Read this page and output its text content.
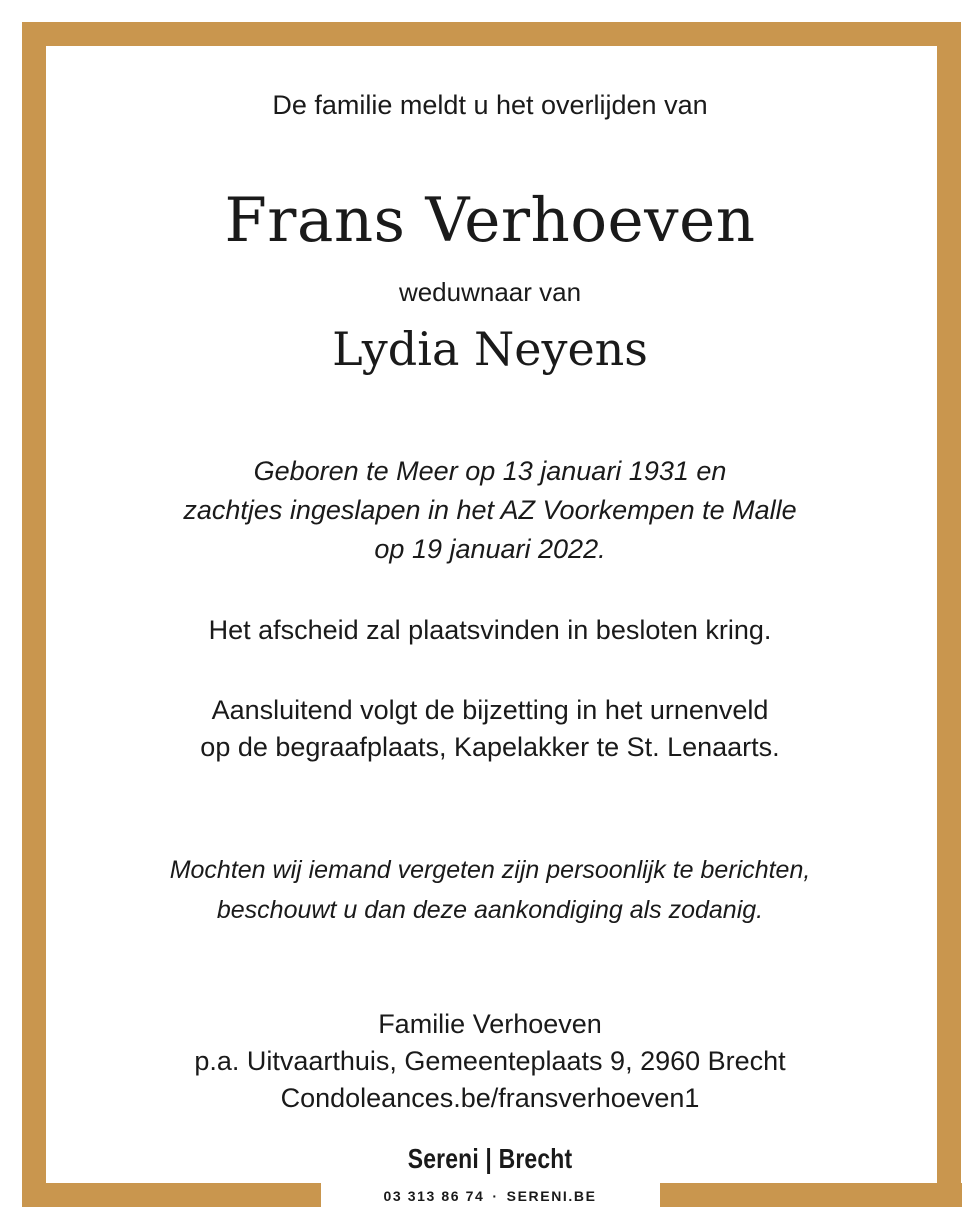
De familie meldt u het overlijden van
Frans Verhoeven
weduwnaar van
Lydia Neyens
Geboren te Meer op 13 januari 1931 en
zachtjes ingeslapen in het AZ Voorkempen te Malle
op 19 januari 2022.
Het afscheid zal plaatsvinden in besloten kring.
Aansluitend volgt de bijzetting in het urnenveld
op de begraafplaats, Kapelakker te St. Lenaarts.
Mochten wij iemand vergeten zijn persoonlijk te berichten,
beschouwt u dan deze aankondiging als zodanig.
Familie Verhoeven
p.a. Uitvaarthuis, Gemeenteplaats 9, 2960 Brecht
Condoleances.be/fransverhoeven1
Sereni | Brecht
03 313 86 74 · SERENI.BE
